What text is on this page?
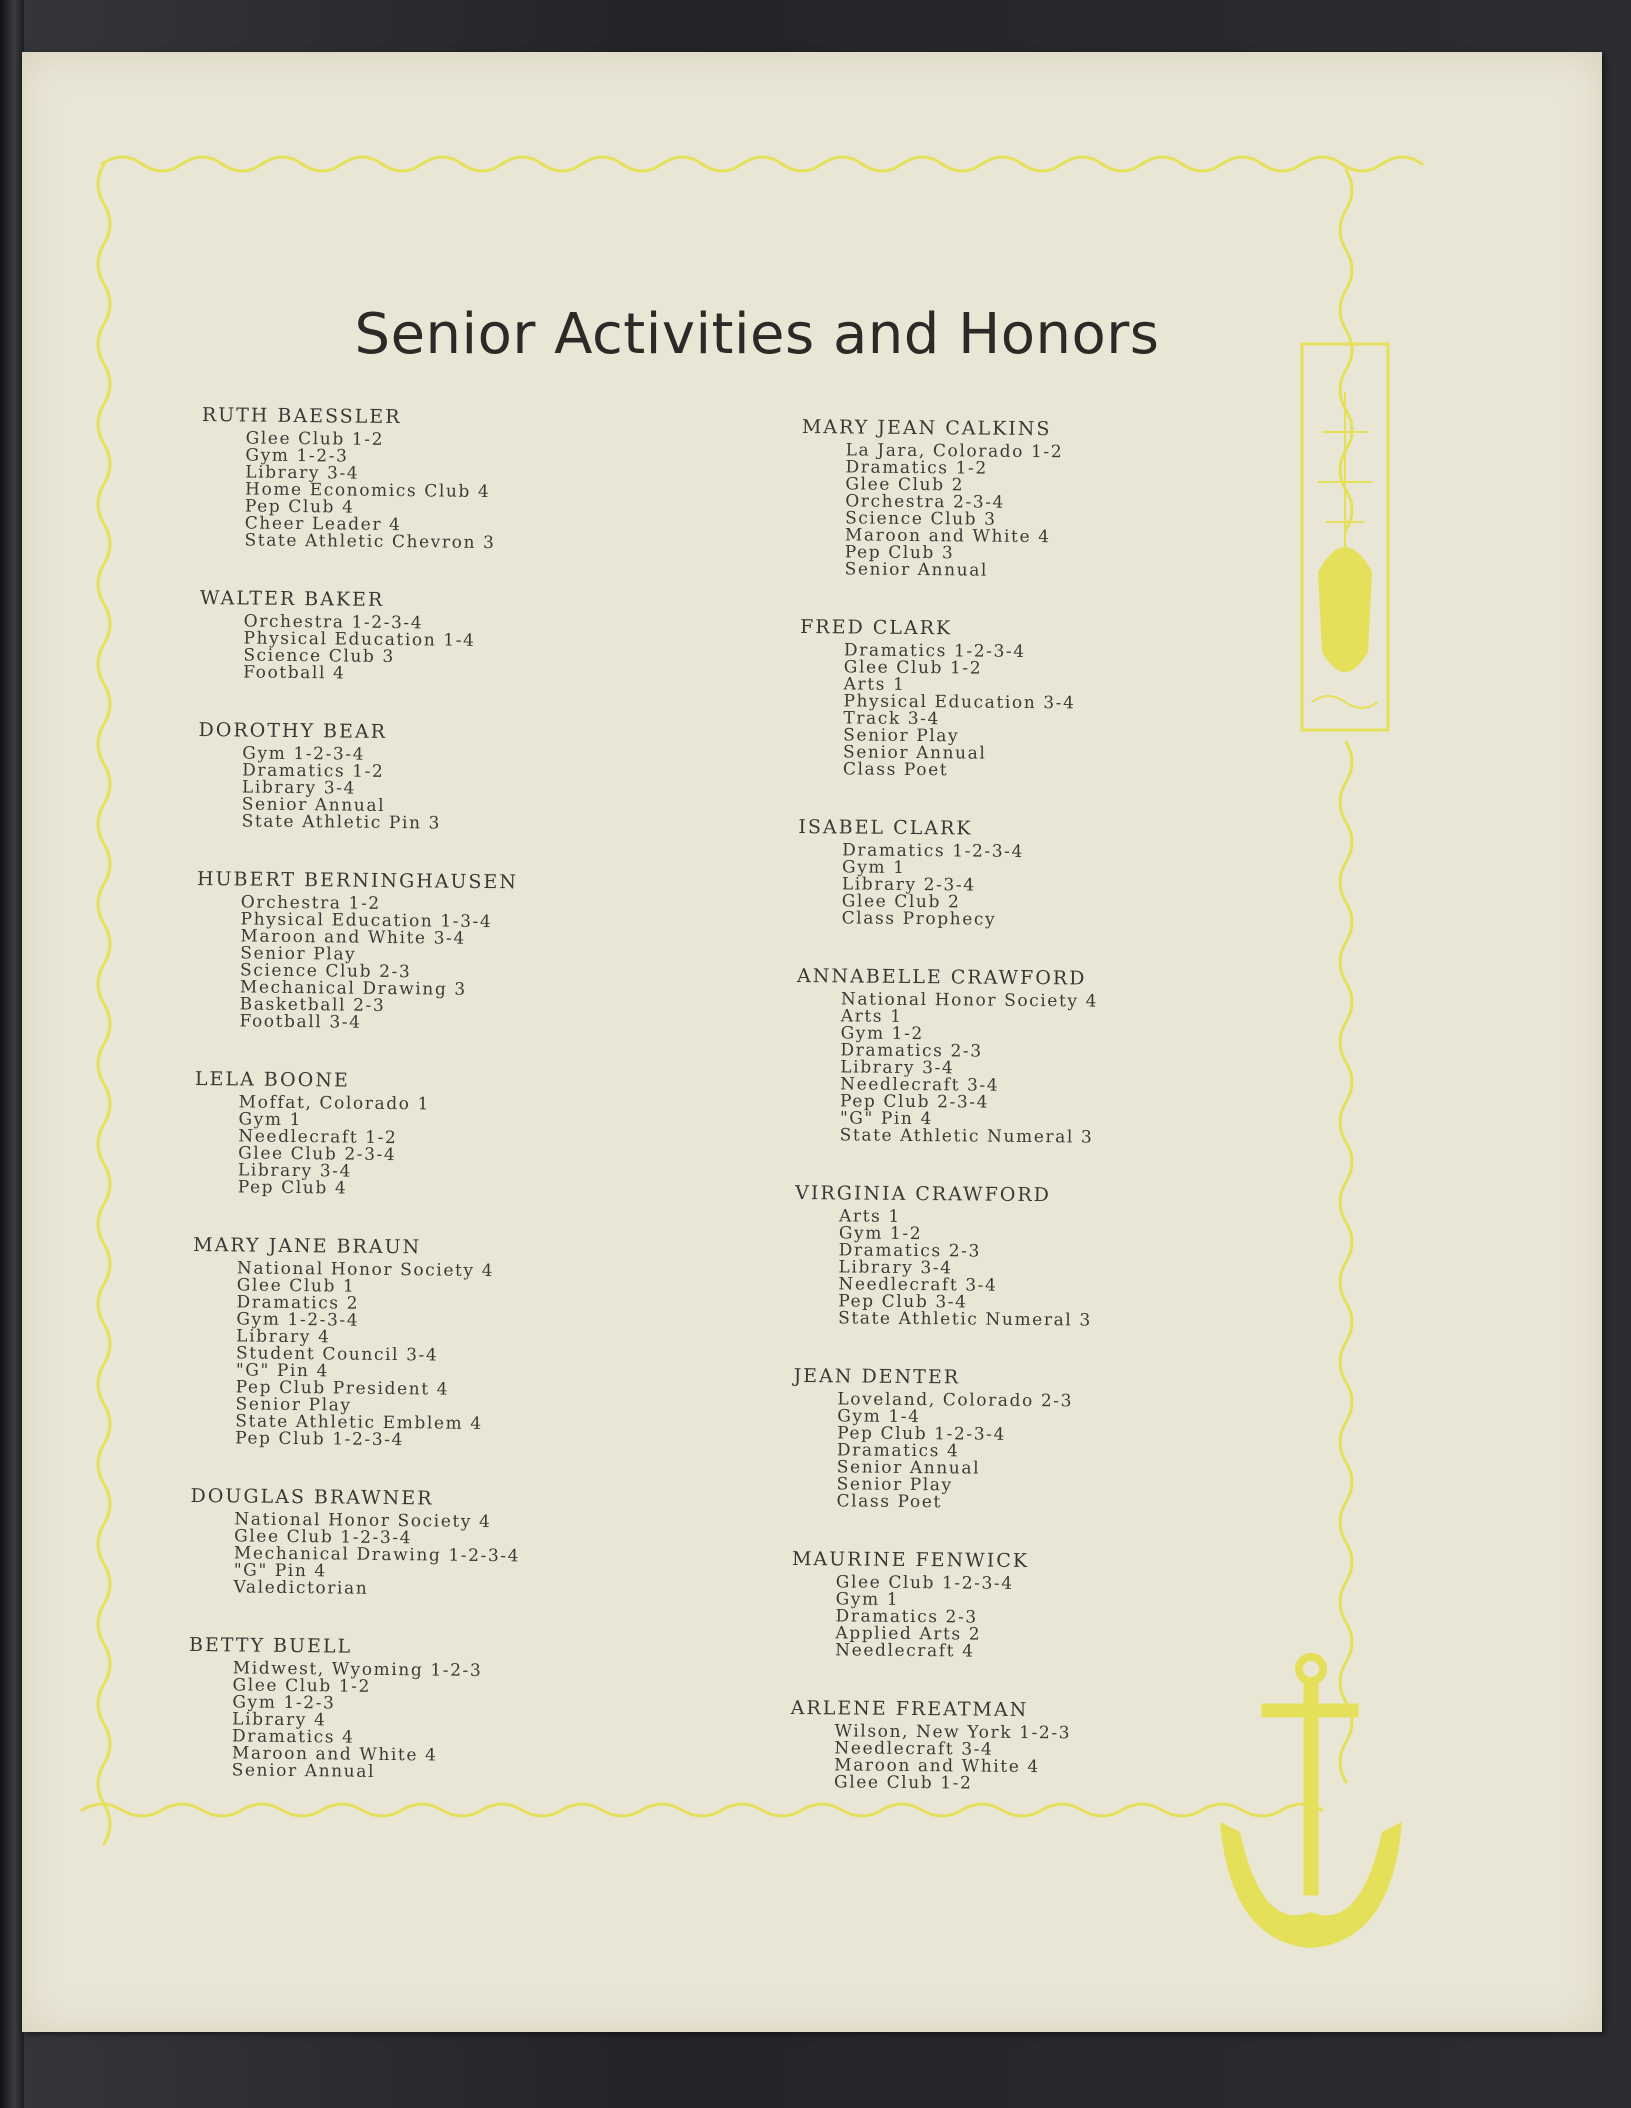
Senior Activities and Honors
RUTH BAESSLER
Glee Club 1-2
Gym 1-2-3
Library 3-4
Home Economics Club 4
Pep Club 4
Cheer Leader 4
State Athletic Chevron 3
WALTER BAKER
Orchestra 1-2-3-4
Physical Education 1-4
Science Club 3
Football 4
DOROTHY BEAR
Gym 1-2-3-4
Dramatics 1-2
Library 3-4
Senior Annual
State Athletic Pin 3
HUBERT BERNINGHAUSEN
Orchestra 1-2
Physical Education 1-3-4
Maroon and White 3-4
Senior Play
Science Club 2-3
Mechanical Drawing 3
Basketball 2-3
Football 3-4
LELA BOONE
Moffat, Colorado 1
Gym 1
Needlecraft 1-2
Glee Club 2-3-4
Library 3-4
Pep Club 4
MARY JANE BRAUN
National Honor Society 4
Glee Club 1
Dramatics 2
Gym 1-2-3-4
Library 4
Student Council 3-4
"G" Pin 4
Pep Club President 4
Senior Play
State Athletic Emblem 4
Pep Club 1-2-3-4
DOUGLAS BRAWNER
National Honor Society 4
Glee Club 1-2-3-4
Mechanical Drawing 1-2-3-4
"G" Pin 4
Valedictorian
BETTY BUELL
Midwest, Wyoming 1-2-3
Glee Club 1-2
Gym 1-2-3
Library 4
Dramatics 4
Maroon and White 4
Senior Annual
MARY JEAN CALKINS
La Jara, Colorado 1-2
Dramatics 1-2
Glee Club 2
Orchestra 2-3-4
Science Club 3
Maroon and White 4
Pep Club 3
Senior Annual
FRED CLARK
Dramatics 1-2-3-4
Glee Club 1-2
Arts 1
Physical Education 3-4
Track 3-4
Senior Play
Senior Annual
Class Poet
ISABEL CLARK
Dramatics 1-2-3-4
Gym 1
Library 2-3-4
Glee Club 2
Class Prophecy
ANNABELLE CRAWFORD
National Honor Society 4
Arts 1
Gym 1-2
Dramatics 2-3
Library 3-4
Needlecraft 3-4
Pep Club 2-3-4
"G" Pin 4
State Athletic Numeral 3
VIRGINIA CRAWFORD
Arts 1
Gym 1-2
Dramatics 2-3
Library 3-4
Needlecraft 3-4
Pep Club 3-4
State Athletic Numeral 3
JEAN DENTER
Loveland, Colorado 2-3
Gym 1-4
Pep Club 1-2-3-4
Dramatics 4
Senior Annual
Senior Play
Class Poet
MAURINE FENWICK
Glee Club 1-2-3-4
Gym 1
Dramatics 2-3
Applied Arts 2
Needlecraft 4
ARLENE FREATMAN
Wilson, New York 1-2-3
Needlecraft 3-4
Maroon and White 4
Glee Club 1-2
